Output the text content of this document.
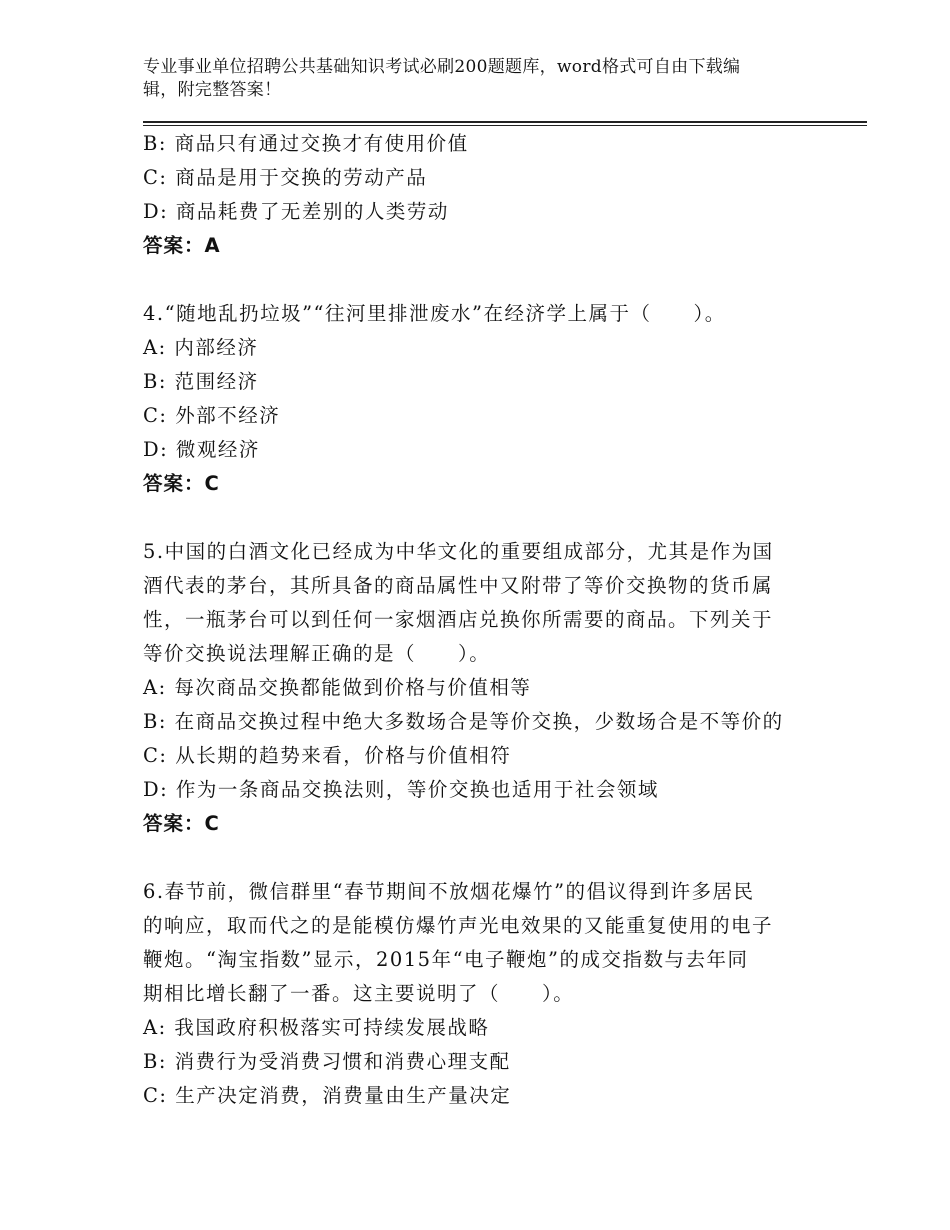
专业事业单位招聘公共基础知识考试必刷200题题库，word格式可自由下载编
辑，附完整答案！
B: 商品只有通过交换才有使用价值
C: 商品是用于交换的劳动产品
D: 商品耗费了无差别的人类劳动
答案：A
4.“随地乱扔垃圾”“往河里排泄废水”在经济学上属于（　　）。
A: 内部经济
B: 范围经济
C: 外部不经济
D: 微观经济
答案：C
5.中国的白酒文化已经成为中华文化的重要组成部分，尤其是作为国
酒代表的茅台，其所具备的商品属性中又附带了等价交换物的货币属
性，一瓶茅台可以到任何一家烟酒店兑换你所需要的商品。下列关于
等价交换说法理解正确的是（　　）。
A: 每次商品交换都能做到价格与价值相等
B: 在商品交换过程中绝大多数场合是等价交换，少数场合是不等价的
C: 从长期的趋势来看，价格与价值相符
D: 作为一条商品交换法则，等价交换也适用于社会领域
答案：C
6.春节前，微信群里“春节期间不放烟花爆竹”的倡议得到许多居民
的响应，取而代之的是能模仿爆竹声光电效果的又能重复使用的电子
鞭炮。“淘宝指数”显示，2015年“电子鞭炮”的成交指数与去年同
期相比增长翻了一番。这主要说明了（　　）。
A: 我国政府积极落实可持续发展战略
B: 消费行为受消费习惯和消费心理支配
C: 生产决定消费，消费量由生产量决定
